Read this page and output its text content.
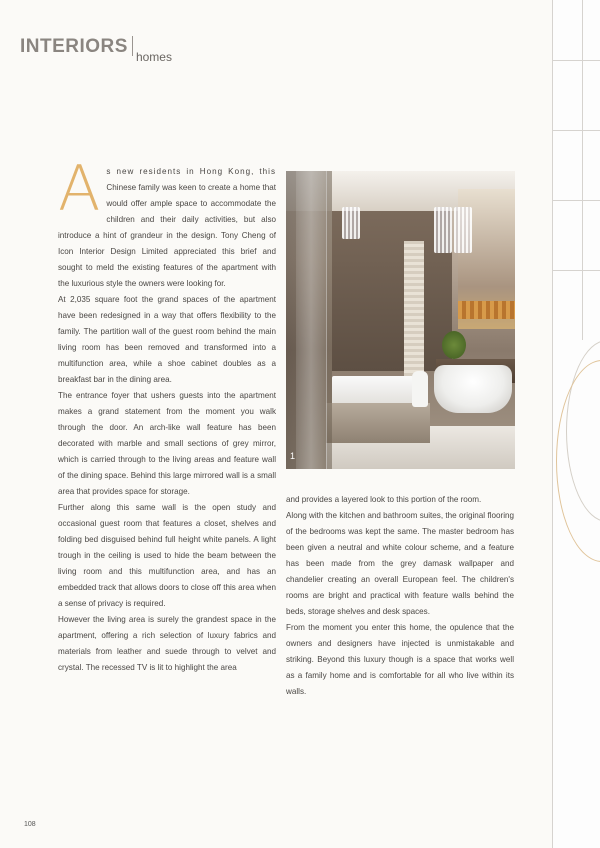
INTERIORS homes
A s new residents in Hong Kong, this Chinese family was keen to create a home that would offer ample space to accommodate the children and their daily activities, but also introduce a hint of grandeur in the design. Tony Cheng of Icon Interior Design Limited appreciated this brief and sought to meld the existing features of the apartment with the luxurious style the owners were looking for.

At 2,035 square foot the grand spaces of the apartment have been redesigned in a way that offers flexibility to the family. The partition wall of the guest room behind the main living room has been removed and transformed into a multifunction area, while a shoe cabinet doubles as a breakfast bar in the dining area.

The entrance foyer that ushers guests into the apartment makes a grand statement from the moment you walk through the door. An arch-like wall feature has been decorated with marble and small sections of grey mirror, which is carried through to the living areas and feature wall of the dining space. Behind this large mirrored wall is a small area that provides space for storage.

Further along this same wall is the open study and occasional guest room that features a closet, shelves and folding bed disguised behind full height white panels. A light trough in the ceiling is used to hide the beam between the living room and this multifunction area, and has an embedded track that allows doors to close off this area when a sense of privacy is required.

However the living area is surely the grandest space in the apartment, offering a rich selection of luxury fabrics and materials from leather and suede through to velvet and crystal. The recessed TV is lit to highlight the area

1

and provides a layered look to this portion of the room.

Along with the kitchen and bathroom suites, the original flooring of the bedrooms was kept the same. The master bedroom has been given a neutral and white colour scheme, and a feature has been made from the grey damask wallpaper and chandelier creating an overall European feel. The children's rooms are bright and practical with feature walls behind the beds, storage shelves and desk spaces.

From the moment you enter this home, the opulence that the owners and designers have injected is unmistakable and striking. Beyond this luxury though is a space that works well as a family home and is comfortable for all who live within its walls.

108
